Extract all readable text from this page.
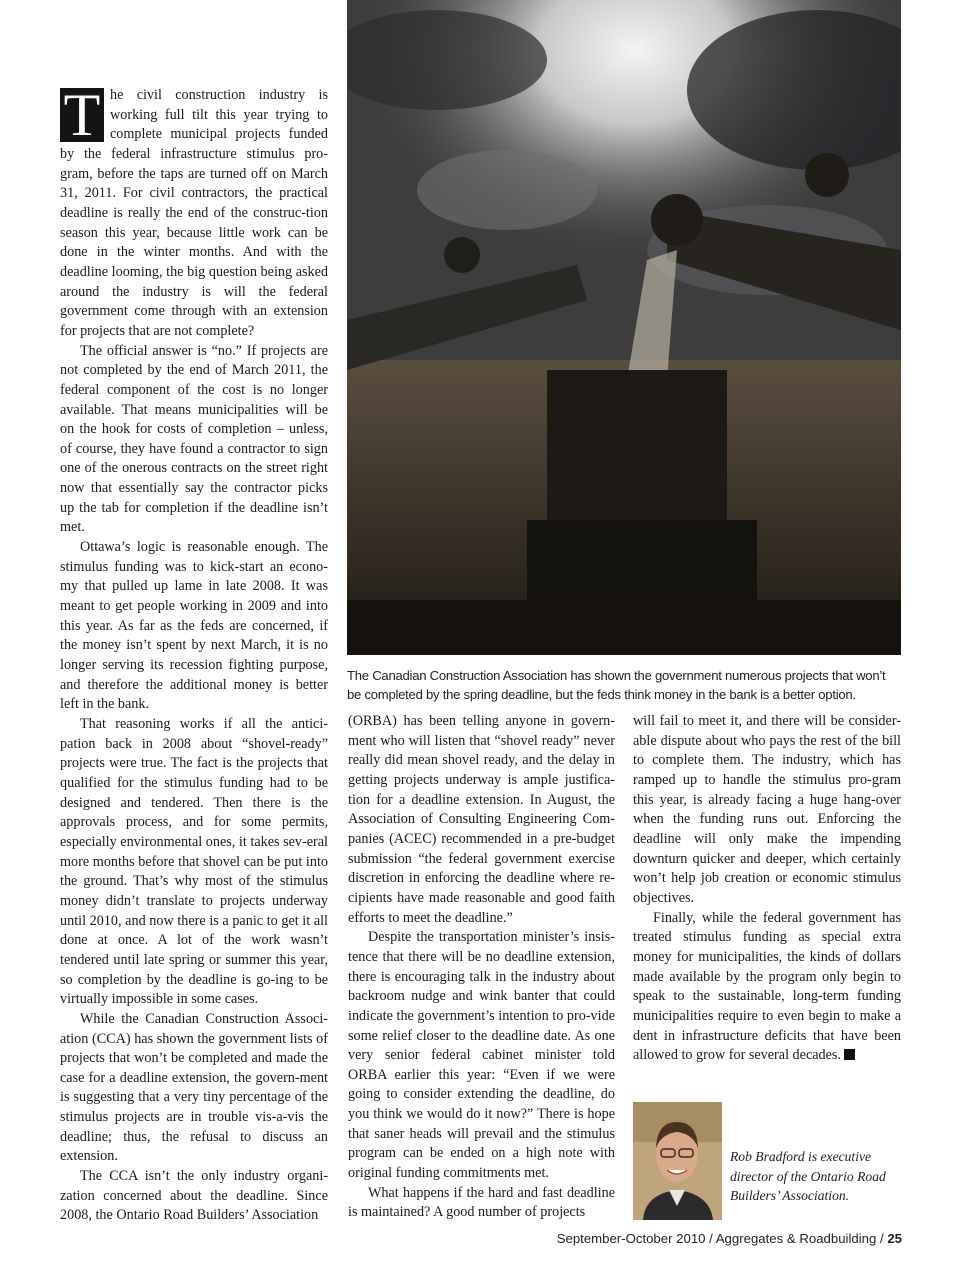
The Canadian Construction Association has shown the government numerous projects that won’t be completed by the spring deadline, but the feds think money in the bank is a better option.

T he civil construction industry is working full tilt this year trying to complete municipal projects funded by the federal infrastructure stimulus pro-gram, before the taps are turned off on March 31, 2011. For civil contractors, the practical deadline is really the end of the construc-tion season this year, because little work can be done in the winter months. And with the deadline looming, the big question being asked around the industry is will the federal government come through with an extension for projects that are not complete?

The official answer is “no.” If projects are not completed by the end of March 2011, the federal component of the cost is no longer available. That means municipalities will be on the hook for costs of completion – unless, of course, they have found a contractor to sign one of the onerous contracts on the street right now that essentially say the contractor picks up the tab for completion if the deadline isn’t met.

Ottawa’s logic is reasonable enough. The stimulus funding was to kick-start an econo-my that pulled up lame in late 2008. It was meant to get people working in 2009 and into this year. As far as the feds are concerned, if the money isn’t spent by next March, it is no longer serving its recession fighting purpose, and therefore the additional money is better left in the bank.

That reasoning works if all the antici-pation back in 2008 about “shovel-ready” projects were true. The fact is the projects that qualified for the stimulus funding had to be designed and tendered. Then there is the approvals process, and for some permits, especially environmental ones, it takes sev-eral more months before that shovel can be put into the ground. That’s why most of the stimulus money didn’t translate to projects underway until 2010, and now there is a panic to get it all done at once. A lot of the work wasn’t tendered until late spring or summer this year, so completion by the deadline is go-ing to be virtually impossible in some cases.

While the Canadian Construction Associ-ation (CCA) has shown the government lists of projects that won’t be completed and made the case for a deadline extension, the govern-ment is suggesting that a very tiny percentage of the stimulus projects are in trouble vis-a-vis the deadline; thus, the refusal to discuss an extension.

The CCA isn’t the only industry organi-zation concerned about the deadline. Since 2008, the Ontario Road Builders’ Association

(ORBA) has been telling anyone in govern-ment who will listen that “shovel ready” never really did mean shovel ready, and the delay in getting projects underway is ample justifica-tion for a deadline extension. In August, the Association of Consulting Engineering Com-panies (ACEC) recommended in a pre-budget submission “the federal government exercise discretion in enforcing the deadline where re-cipients have made reasonable and good faith efforts to meet the deadline.”

Despite the transportation minister’s insis-tence that there will be no deadline extension, there is encouraging talk in the industry about backroom nudge and wink banter that could indicate the government’s intention to pro-vide some relief closer to the deadline date. As one very senior federal cabinet minister told ORBA earlier this year: “Even if we were going to consider extending the deadline, do you think we would do it now?” There is hope that saner heads will prevail and the stimulus program can be ended on a high note with original funding commitments met.

What happens if the hard and fast deadline is maintained? A good number of projects

will fail to meet it, and there will be consider-able dispute about who pays the rest of the bill to complete them. The industry, which has ramped up to handle the stimulus pro-gram this year, is already facing a huge hang-over when the funding runs out. Enforcing the deadline will only make the impending downturn quicker and deeper, which certainly won’t help job creation or economic stimulus objectives.

Finally, while the federal government has treated stimulus funding as special extra money for municipalities, the kinds of dollars made available by the program only begin to speak to the sustainable, long-term funding municipalities require to even begin to make a dent in infrastructure deficits that have been allowed to grow for several decades.

Rob Bradford is executive director of the Ontario Road Builders’ Association.
September-October 2010 / Aggregates & Roadbuilding / 25
